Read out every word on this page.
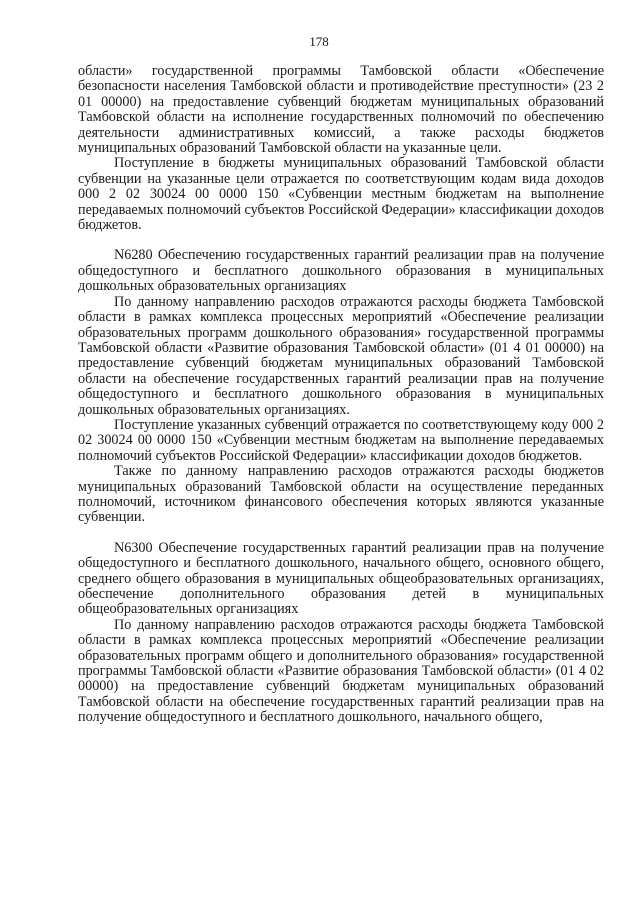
178

области» государственной программы Тамбовской области «Обеспечение безопасности населения Тамбовской области и противодействие преступности» (23 2 01 00000) на предоставление субвенций бюджетам муниципальных образований Тамбовской области на исполнение государственных полномочий по обеспечению деятельности административных комиссий, а также расходы бюджетов муниципальных образований Тамбовской области на указанные цели.

Поступление в бюджеты муниципальных образований Тамбовской области субвенции на указанные цели отражается по соответствующим кодам вида доходов 000 2 02 30024 00 0000 150 «Субвенции местным бюджетам на выполнение передаваемых полномочий субъектов Российской Федерации» классификации доходов бюджетов.

N6280 Обеспечению государственных гарантий реализации прав на получение общедоступного и бесплатного дошкольного образования в муниципальных дошкольных образовательных организациях

По данному направлению расходов отражаются расходы бюджета Тамбовской области в рамках комплекса процессных мероприятий «Обеспечение реализации образовательных программ дошкольного образования» государственной программы Тамбовской области «Развитие образования Тамбовской области» (01 4 01 00000) на предоставление субвенций бюджетам муниципальных образований Тамбовской области на обеспечение государственных гарантий реализации прав на получение общедоступного и бесплатного дошкольного образования в муниципальных дошкольных образовательных организациях.

Поступление указанных субвенций отражается по соответствующему коду 000 2 02 30024 00 0000 150 «Субвенции местным бюджетам на выполнение передаваемых полномочий субъектов Российской Федерации» классификации доходов бюджетов.

Также по данному направлению расходов отражаются расходы бюджетов муниципальных образований Тамбовской области на осуществление переданных полномочий, источником финансового обеспечения которых являются указанные субвенции.

N6300 Обеспечение государственных гарантий реализации прав на получение общедоступного и бесплатного дошкольного, начального общего, основного общего, среднего общего образования в муниципальных общеобразовательных организациях, обеспечение дополнительного образования детей в муниципальных общеобразовательных организациях

По данному направлению расходов отражаются расходы бюджета Тамбовской области в рамках комплекса процессных мероприятий «Обеспечение реализации образовательных программ общего и дополнительного образования» государственной программы Тамбовской области «Развитие образования Тамбовской области» (01 4 02 00000) на предоставление субвенций бюджетам муниципальных образований Тамбовской области на обеспечение государственных гарантий реализации прав на получение общедоступного и бесплатного дошкольного, начального общего,
